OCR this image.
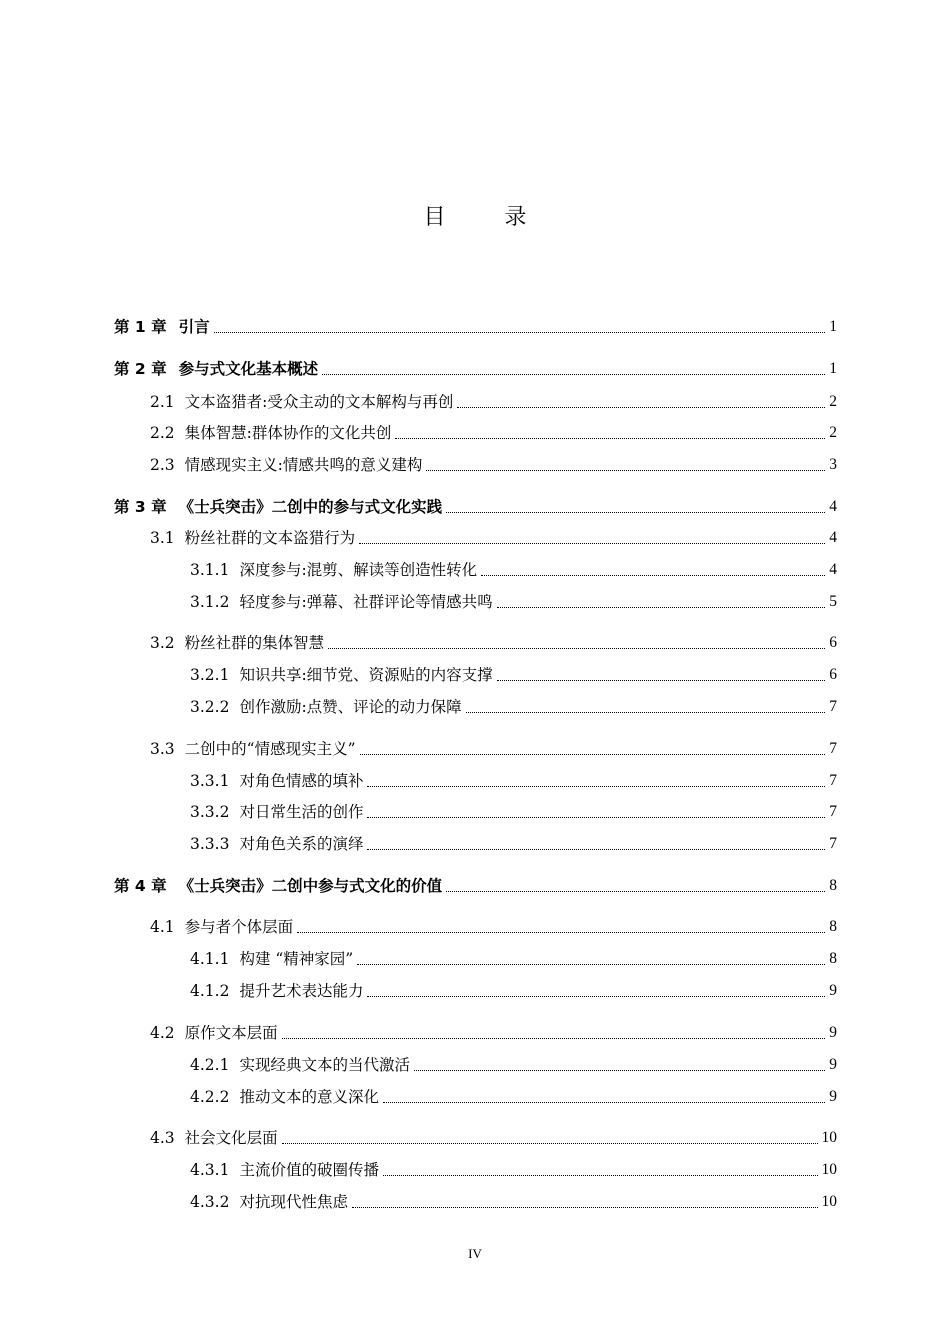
目 录
第 1 章 引言	1
第 2 章 参与式文化基本概述	1
2.1 文本盗猎者:受众主动的文本解构与再创	2
2.2 集体智慧:群体协作的文化共创	2
2.3 情感现实主义:情感共鸣的意义建构	3
第 3 章 《士兵突击》二创中的参与式文化实践	4
3.1 粉丝社群的文本盗猎行为	4
3.1.1 深度参与:混剪、解读等创造性转化	4
3.1.2 轻度参与:弹幕、社群评论等情感共鸣	5
3.2 粉丝社群的集体智慧	6
3.2.1 知识共享:细节党、资源贴的内容支撑	6
3.2.2 创作激励:点赞、评论的动力保障	7
3.3 二创中的“情感现实主义”	7
3.3.1 对角色情感的填补	7
3.3.2 对日常生活的创作	7
3.3.3 对角色关系的演绎	7
第 4 章 《士兵突击》二创中参与式文化的价值	8
4.1 参与者个体层面	8
4.1.1 构建 “精神家园”	8
4.1.2 提升艺术表达能力	9
4.2 原作文本层面	9
4.2.1 实现经典文本的当代激活	9
4.2.2 推动文本的意义深化	9
4.3 社会文化层面	10
4.3.1 主流价值的破圈传播	10
4.3.2 对抗现代性焦虑	10
IV
